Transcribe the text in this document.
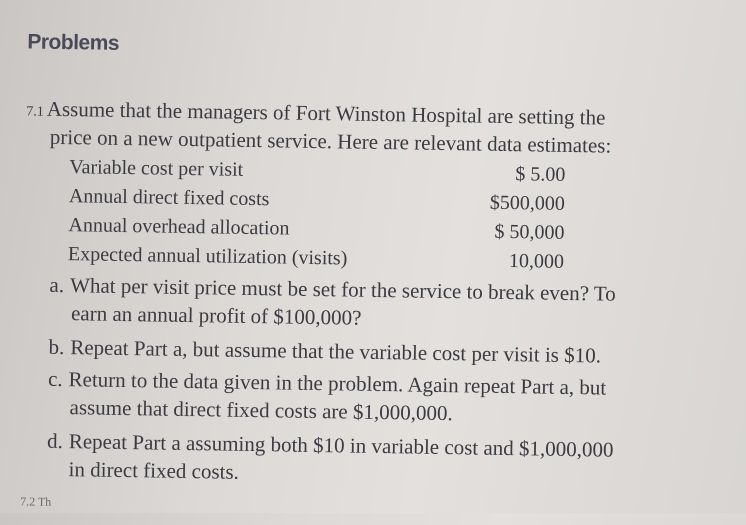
Problems
7.1 Assume that the managers of Fort Winston Hospital are setting the
price on a new outpatient service. Here are relevant data estimates:
Variable cost per visit	$ 5.00
Annual direct fixed costs	$500,000
Annual overhead allocation	$ 50,000
Expected annual utilization (visits)	10,000
a. What per visit price must be set for the service to break even? To
earn an annual profit of $100,000?
b. Repeat Part a, but assume that the variable cost per visit is $10.
c. Return to the data given in the problem. Again repeat Part a, but
assume that direct fixed costs are $1,000,000.
d. Repeat Part a assuming both $10 in variable cost and $1,000,000
in direct fixed costs.
7.2 Th
